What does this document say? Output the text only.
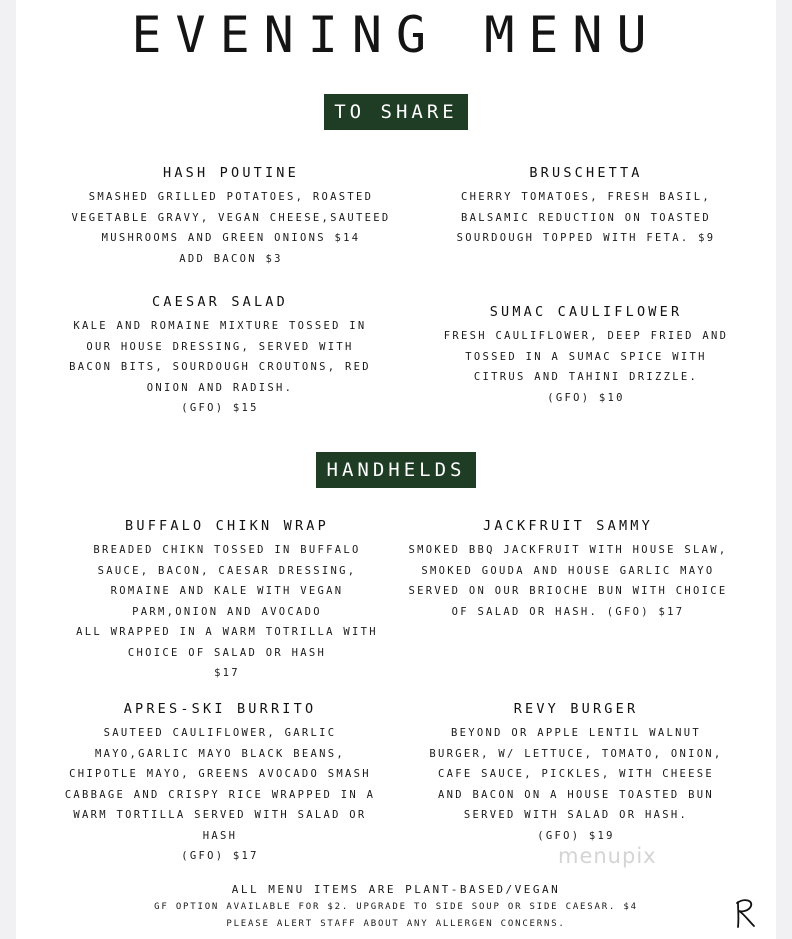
EVENING MENU
TO SHARE
HASH POUTINE
SMASHED GRILLED POTATOES, ROASTED
VEGETABLE GRAVY, VEGAN CHEESE,SAUTEED
MUSHROOMS AND GREEN ONIONS $14
ADD BACON $3
BRUSCHETTA
CHERRY TOMATOES, FRESH BASIL,
BALSAMIC REDUCTION ON TOASTED
SOURDOUGH TOPPED WITH FETA. $9
CAESAR SALAD
KALE AND ROMAINE MIXTURE TOSSED IN
OUR HOUSE DRESSING, SERVED WITH
BACON BITS, SOURDOUGH CROUTONS, RED
ONION AND RADISH.
(GFO) $15
SUMAC CAULIFLOWER
FRESH CAULIFLOWER, DEEP FRIED AND
TOSSED IN A SUMAC SPICE WITH
CITRUS AND TAHINI DRIZZLE.
(GFO) $10
HANDHELDS
BUFFALO CHIKN WRAP
BREADED CHIKN TOSSED IN BUFFALO
SAUCE, BACON, CAESAR DRESSING,
ROMAINE AND KALE WITH VEGAN
PARM,ONION AND AVOCADO
ALL WRAPPED IN A WARM TOTRILLA WITH
CHOICE OF SALAD OR HASH
$17
JACKFRUIT SAMMY
SMOKED BBQ JACKFRUIT WITH HOUSE SLAW,
SMOKED GOUDA AND HOUSE GARLIC MAYO
SERVED ON OUR BRIOCHE BUN WITH CHOICE
OF SALAD OR HASH. (GFO) $17
APRES-SKI BURRITO
SAUTEED CAULIFLOWER, GARLIC
MAYO,GARLIC MAYO BLACK BEANS,
CHIPOTLE MAYO, GREENS AVOCADO SMASH
CABBAGE AND CRISPY RICE WRAPPED IN A
WARM TORTILLA SERVED WITH SALAD OR
HASH
(GFO) $17
REVY BURGER
BEYOND OR APPLE LENTIL WALNUT
BURGER, W/ LETTUCE, TOMATO, ONION,
CAFE SAUCE, PICKLES, WITH CHEESE
AND BACON ON A HOUSE TOASTED BUN
SERVED WITH SALAD OR HASH.
(GFO) $19
menupix
ALL MENU ITEMS ARE PLANT-BASED/VEGAN
GF OPTION AVAILABLE FOR $2. UPGRADE TO SIDE SOUP OR SIDE CAESAR. $4
PLEASE ALERT STAFF ABOUT ANY ALLERGEN CONCERNS.
